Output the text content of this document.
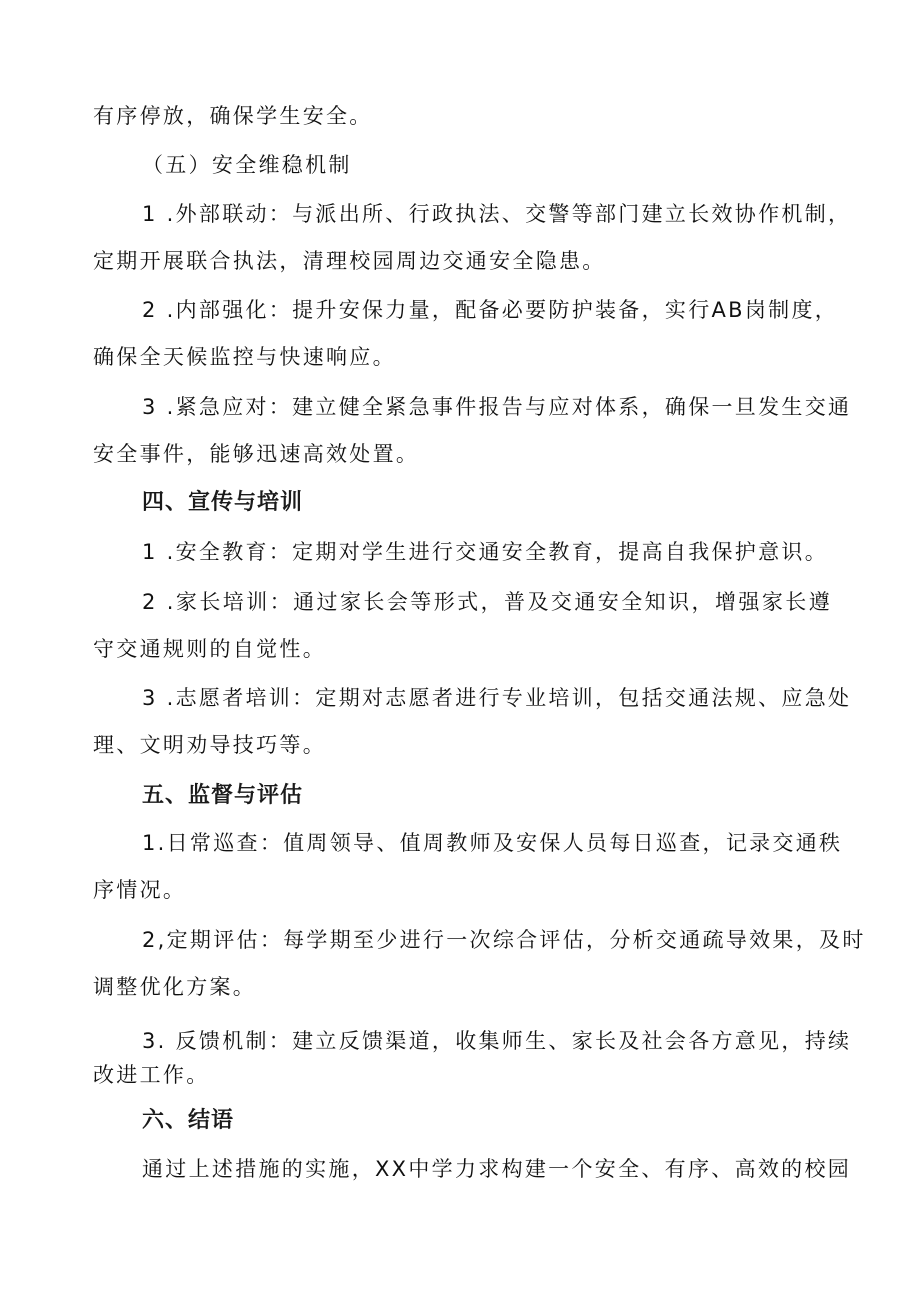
有序停放，确保学生安全。
（五）安全维稳机制
1 .外部联动：与派出所、行政执法、交警等部门建立长效协作机制，
定期开展联合执法，清理校园周边交通安全隐患。
2 .内部强化：提升安保力量，配备必要防护装备，实行AB岗制度，
确保全天候监控与快速响应。
3 .紧急应对：建立健全紧急事件报告与应对体系，确保一旦发生交通
安全事件，能够迅速高效处置。
四、宣传与培训
1 .安全教育：定期对学生进行交通安全教育，提高自我保护意识。
2 .家长培训：通过家长会等形式，普及交通安全知识，增强家长遵
守交通规则的自觉性。
3 .志愿者培训：定期对志愿者进行专业培训，包括交通法规、应急处
理、文明劝导技巧等。
五、监督与评估
1.日常巡查：值周领导、值周教师及安保人员每日巡查，记录交通秩
序情况。
2,定期评估：每学期至少进行一次综合评估，分析交通疏导效果，及时
调整优化方案。
3. 反馈机制：建立反馈渠道，收集师生、家长及社会各方意见，持续
改进工作。
六、结语
通过上述措施的实施，XX中学力求构建一个安全、有序、高效的校园
